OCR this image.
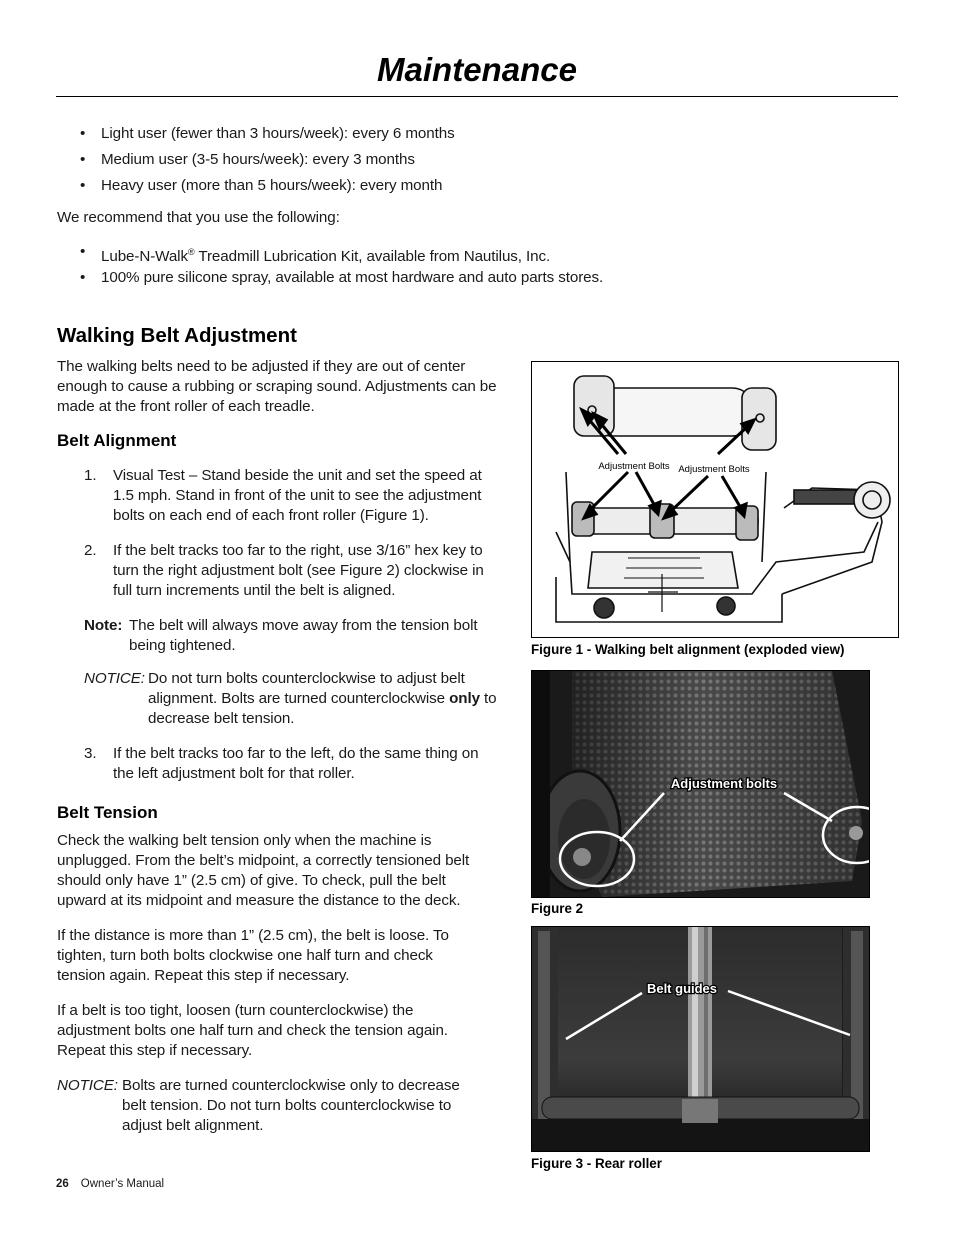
Maintenance
• Light user (fewer than 3 hours/week): every 6 months
• Medium user (3-5 hours/week): every 3 months
• Heavy user (more than 5 hours/week): every month
We recommend that you use the following:
• Lube-N-Walk® Treadmill Lubrication Kit, available from Nautilus, Inc.
• 100% pure silicone spray, available at most hardware and auto parts stores.
Walking Belt Adjustment
The walking belts need to be adjusted if they are out of center enough to cause a rubbing or scraping sound. Adjustments can be made at the front roller of each treadle.
Belt Alignment
1. Visual Test – Stand beside the unit and set the speed at 1.5 mph. Stand in front of the unit to see the adjustment bolts on each end of each front roller (Figure 1).
2. If the belt tracks too far to the right, use 3/16” hex key to turn the right adjustment bolt (see Figure 2) clockwise in full turn increments until the belt is aligned.
Note: The belt will always move away from the tension bolt being tightened.
NOTICE: Do not turn bolts counterclockwise to adjust belt alignment. Bolts are turned counterclockwise only to decrease belt tension.
3. If the belt tracks too far to the left, do the same thing on the left adjustment bolt for that roller.
Belt Tension
Check the walking belt tension only when the machine is unplugged. From the belt’s midpoint, a correctly tensioned belt should only have 1” (2.5 cm) of give. To check, pull the belt upward at its midpoint and measure the distance to the deck.
If the distance is more than 1” (2.5 cm), the belt is loose. To tighten, turn both bolts clockwise one half turn and check tension again. Repeat this step if necessary.
If a belt is too tight, loosen (turn counterclockwise) the adjustment bolts one half turn and check the tension again. Repeat this step if necessary.
NOTICE: Bolts are turned counterclockwise only to decrease belt tension. Do not turn bolts counterclockwise to adjust belt alignment.
Adjustment Bolts Adjustment Bolts
Figure 1 - Walking belt alignment (exploded view)
Adjustment bolts
Figure 2
Belt guides
Figure 3 - Rear roller
26 Owner’s Manual
